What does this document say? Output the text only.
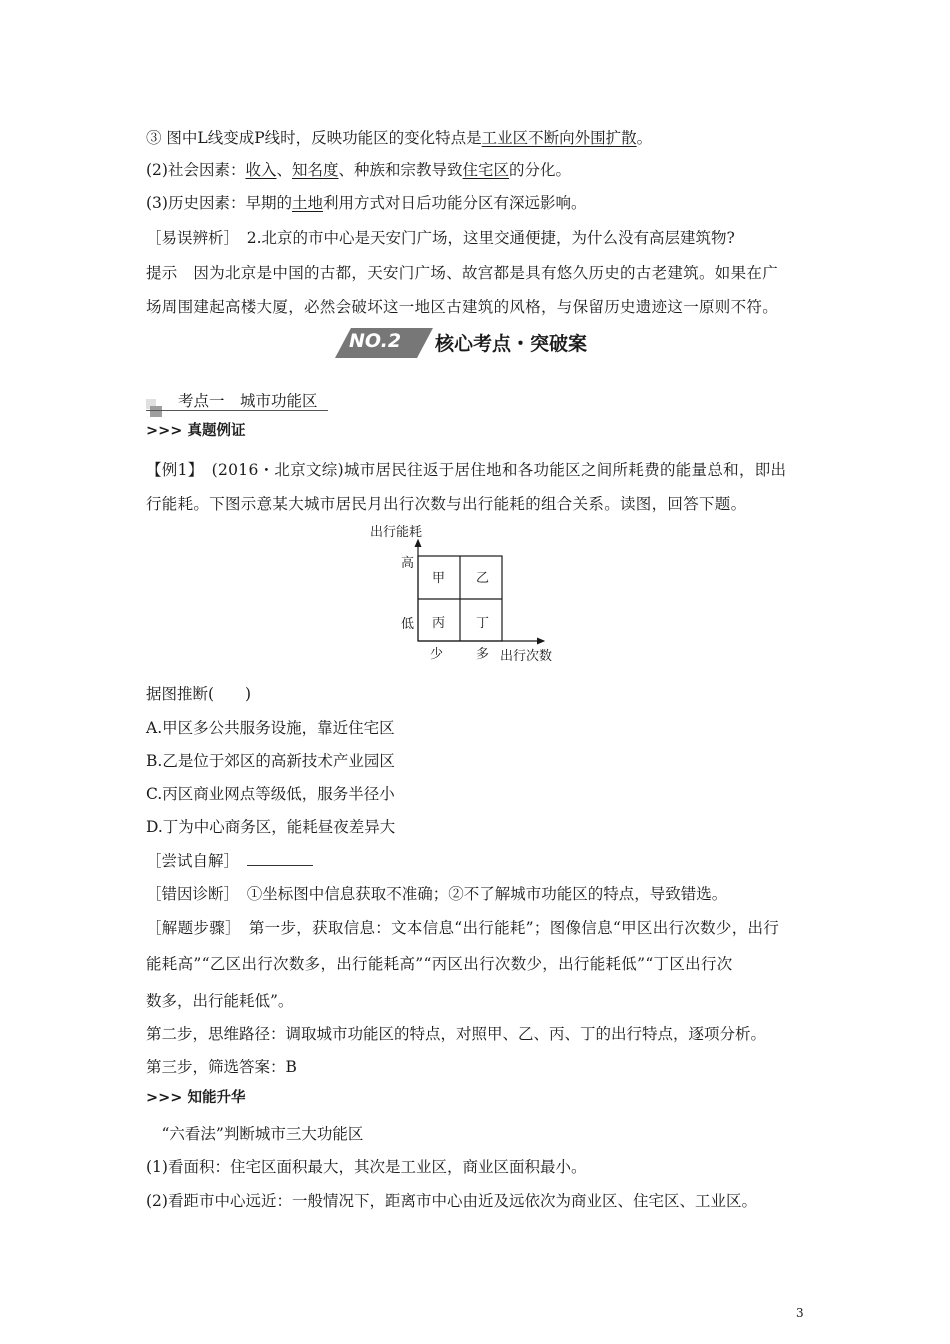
③ 图中L线变成P线时，反映功能区的变化特点是工业区不断向外围扩散。
(2)社会因素：收入、知名度、种族和宗教导致住宅区的分化。
(3)历史因素：早期的土地利用方式对日后功能分区有深远影响。
［易误辨析］　2.北京的市中心是天安门广场，这里交通便捷，为什么没有高层建筑物?
提示　因为北京是中国的古都，天安门广场、故宫都是具有悠久历史的古老建筑。如果在广
场周围建起高楼大厦，必然会破坏这一地区古建筑的风格，与保留历史遗迹这一原则不符。
NO.2	核心考点・突破案
考点一　城市功能区
>>> 真题例证
【例1】　(2016・北京文综)城市居民往返于居住地和各功能区之间所耗费的能量总和，即出
行能耗。下图示意某大城市居民月出行次数与出行能耗的组合关系。读图，回答下题。
出行能耗
高
低
甲 乙
丙 丁
少	多 出行次数
据图推断(　　)
A.甲区多公共服务设施，靠近住宅区
B.乙是位于郊区的高新技术产业园区
C.丙区商业网点等级低，服务半径小
D.丁为中心商务区，能耗昼夜差异大
［尝试自解］　
［错因诊断］　①坐标图中信息获取不准确；②不了解城市功能区的特点，导致错选。
［解题步骤］　第一步，获取信息：文本信息“出行能耗”；图像信息“甲区出行次数少，出行
能耗高”“乙区出行次数多，出行能耗高”“丙区出行次数少，出行能耗低”“丁区出行次
数多，出行能耗低”。
第二步，思维路径：调取城市功能区的特点，对照甲、乙、丙、丁的出行特点，逐项分析。
第三步，筛选答案：B
>>> 知能升华
　“六看法”判断城市三大功能区
(1)看面积：住宅区面积最大，其次是工业区，商业区面积最小。
(2)看距市中心远近：一般情况下，距离市中心由近及远依次为商业区、住宅区、工业区。
3
